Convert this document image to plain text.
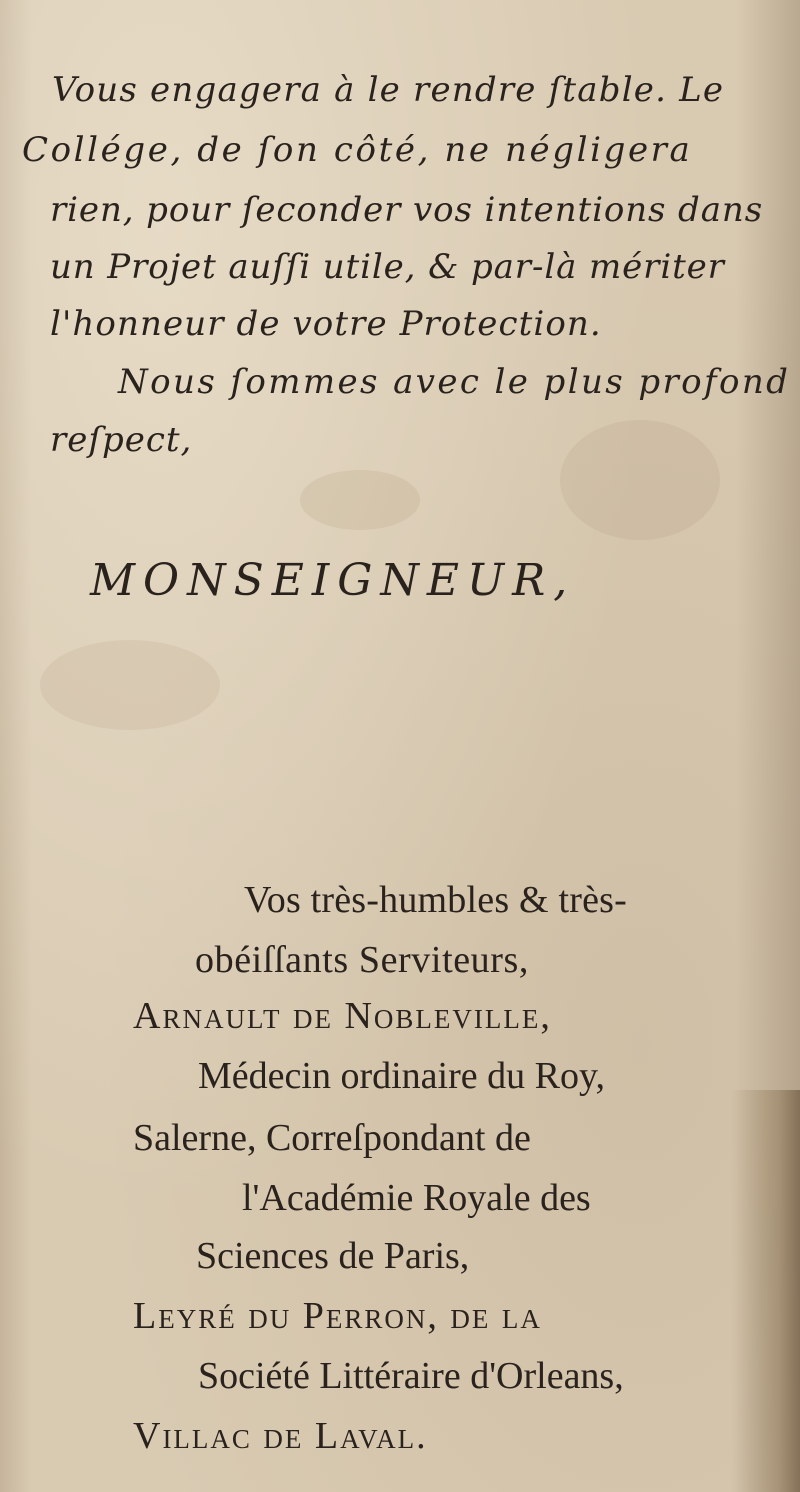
Vous engagera à le rendre ſtable. Le
Collége, de ſon côté, ne négligera
rien, pour ſeconder vos intentions dans
un Projet auſſi utile, & par-là mériter
l'honneur de votre Protection.
Nous ſommes avec le plus profond
reſpect,
MONSEIGNEUR,
Vos très-humbles & très-
obéiſſants Serviteurs,
Arnault de Nobleville,
Médecin ordinaire du Roy,
Salerne, Correſpondant de
l'Académie Royale des
Sciences de Paris,
Leyré du Perron, de la
Société Littéraire d'Orleans,
Villac de Laval.
